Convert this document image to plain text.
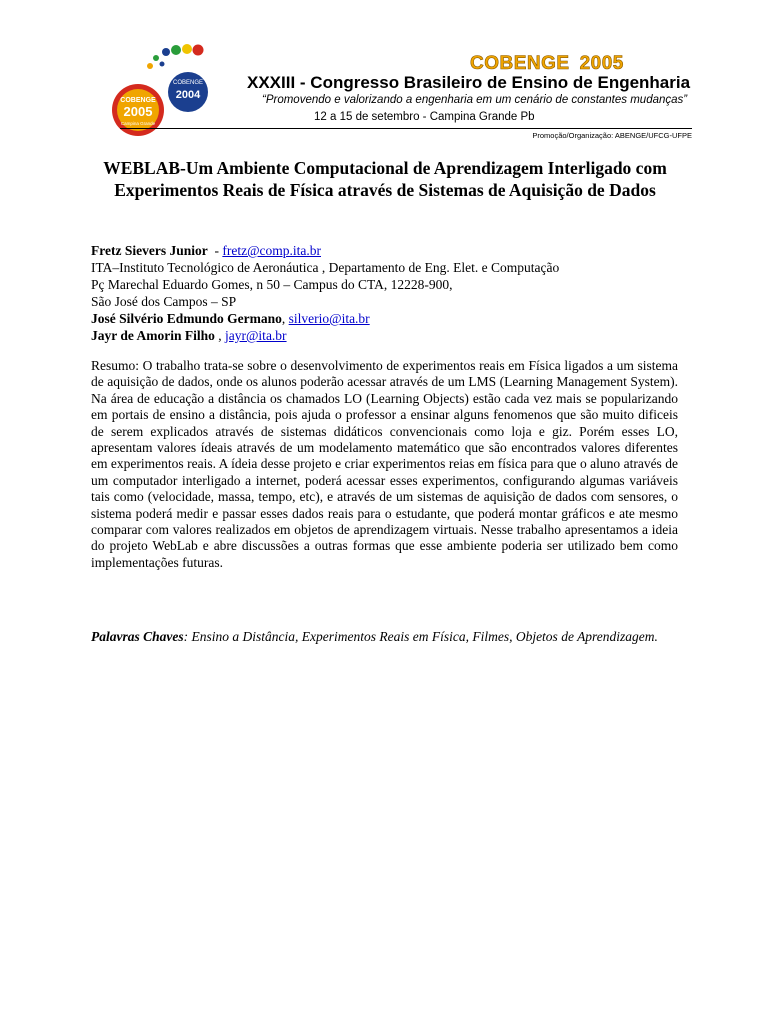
COBENGE
2004
COBENGE
2005
Campina Grande
COBENGE 2005
XXXIII - Congresso Brasileiro de Ensino de Engenharia
“Promovendo e valorizando a engenharia em um cenário de constantes mudanças”
12 a 15 de setembro - Campina Grande Pb
Promoção/Organização: ABENGE/UFCG-UFPE
WEBLAB-Um Ambiente Computacional de Aprendizagem Interligado com Experimentos Reais de Física através de Sistemas de Aquisição de Dados
Fretz Sievers Junior  - fretz@comp.ita.br
ITA–Instituto Tecnológico de Aeronáutica , Departamento de Eng. Elet. e Computação
Pç Marechal Eduardo Gomes, n 50 – Campus do CTA, 12228-900,
São José dos Campos – SP
José Silvério Edmundo Germano, silverio@ita.br
Jayr de Amorin Filho , jayr@ita.br
Resumo: O trabalho trata-se sobre o desenvolvimento de experimentos reais em Física ligados a um sistema de aquisição de dados, onde os alunos poderão acessar através de um LMS (Learning Management System). Na área de educação a distância os chamados LO (Learning Objects) estão cada vez mais se popularizando em portais de ensino a distância, pois ajuda o professor a ensinar alguns fenomenos que são muito dificeis de serem explicados através de sistemas didáticos convencionais como loja e giz. Porém esses LO, apresentam valores ídeais através de um modelamento matemático que são encontrados valores diferentes em experimentos reais. A ídeia desse projeto e criar experimentos reias em física para que o aluno através de um computador interligado a internet, poderá acessar esses experimentos, configurando algumas variáveis tais como (velocidade, massa, tempo, etc), e através de um sistemas de aquisição de dados com sensores, o sistema poderá medir e passar esses dados reais para o estudante, que poderá montar gráficos e ate mesmo comparar com valores realizados em objetos de aprendizagem virtuais. Nesse trabalho apresentamos a ideia do projeto WebLab e abre discussões a outras formas que esse ambiente poderia ser utilizado bem como implementações futuras.
Palavras Chaves: Ensino a Distância, Experimentos Reais em Física, Filmes, Objetos de Aprendizagem.
